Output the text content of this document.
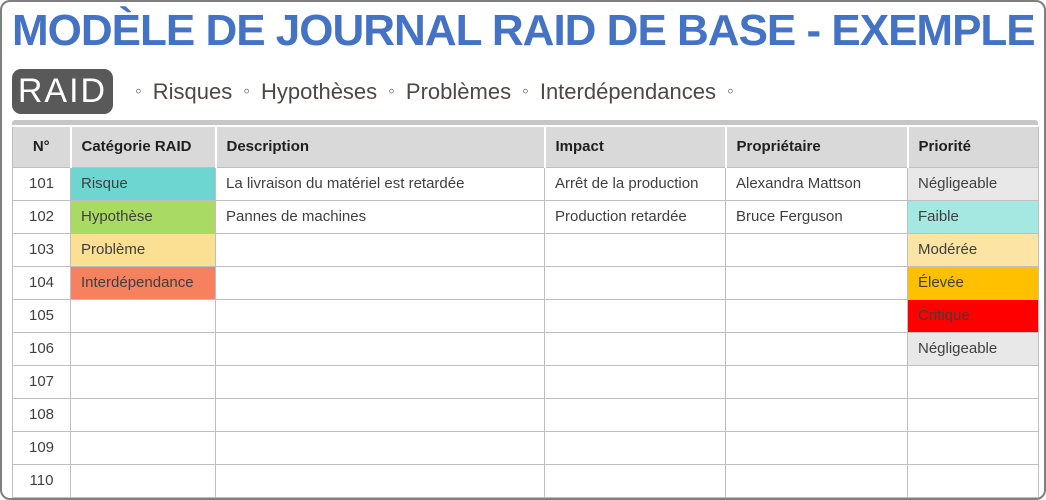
MODÈLE DE JOURNAL RAID DE BASE - EXEMPLE
RAID	◦ Risques ◦ Hypothèses ◦ Problèmes ◦ Interdépendances ◦
N°	Catégorie RAID	Description	Impact	Propriétaire	Priorité
101	Risque	La livraison du matériel est retardée	Arrêt de la production	Alexandra Mattson	Négligeable
102	Hypothèse	Pannes de machines	Production retardée	Bruce Ferguson	Faible
103	Problème				Modérée
104	Interdépendance				Élevée
105					Critique
106					Négligeable
107					
108					
109					
110					
